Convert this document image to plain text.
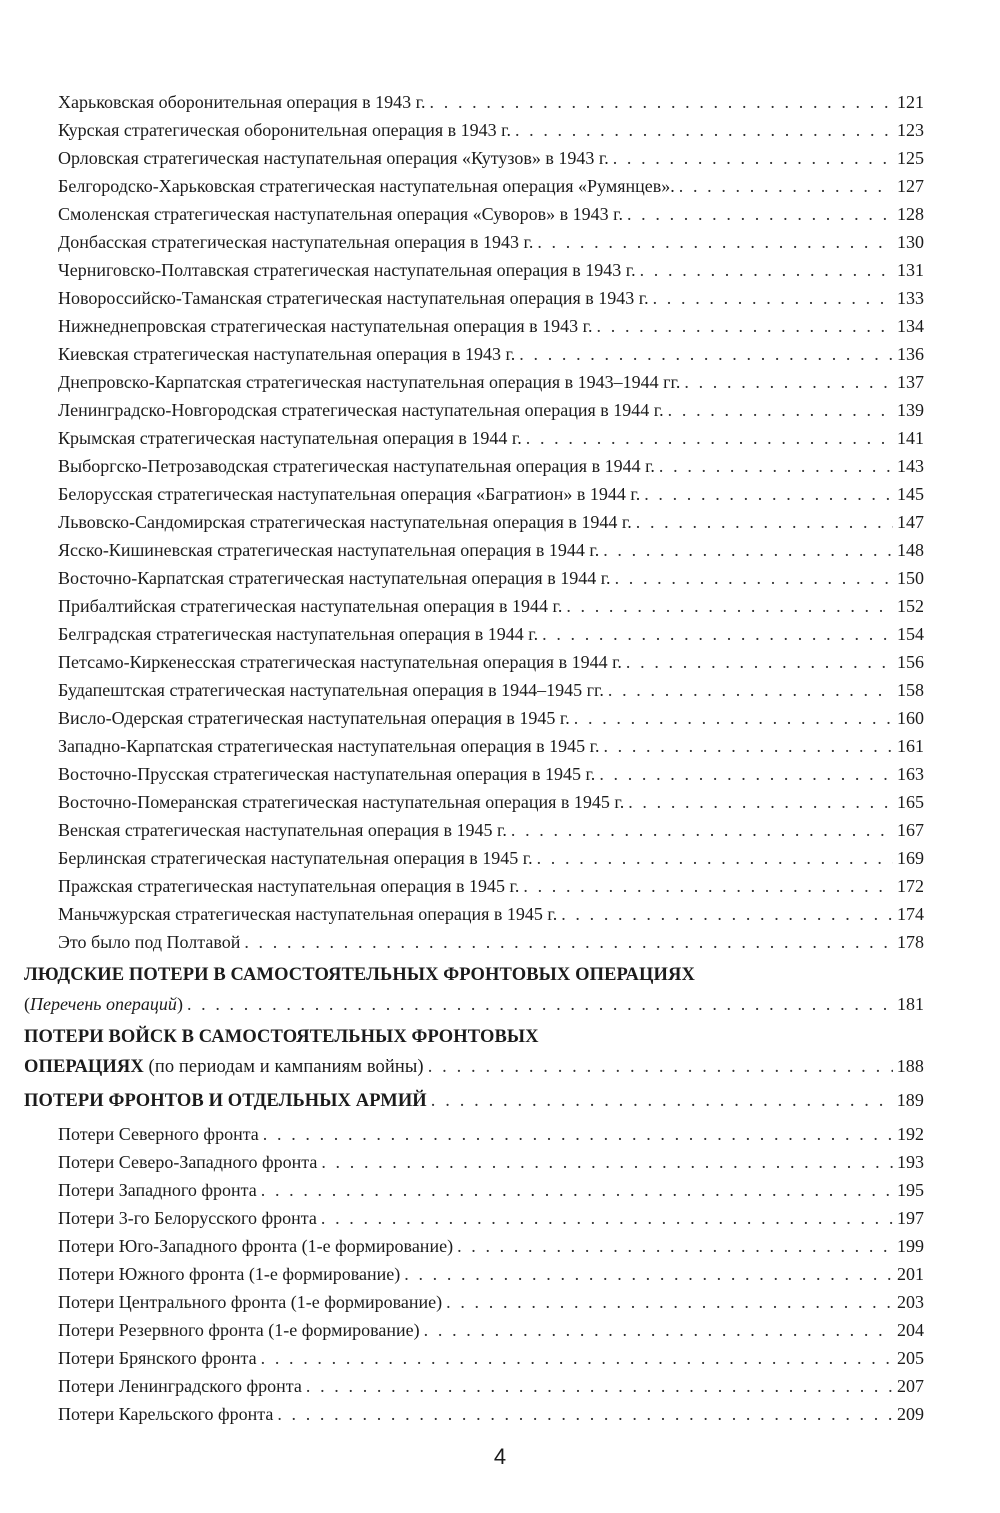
Харьковская оборонительная операция в 1943 г. . . .	121
Курская стратегическая оборонительная операция в 1943 г. . . .	123
Орловская стратегическая наступательная операция «Кутузов» в 1943 г. . . .	125
Белгородско-Харьковская стратегическая наступательная операция «Румянцев». . . .	127
Смоленская стратегическая наступательная операция «Суворов» в 1943 г. . . .	128
Донбасская стратегическая наступательная операция в 1943 г. . . .	130
Черниговско-Полтавская стратегическая наступательная операция в 1943 г. . . .	131
Новороссийско-Таманская стратегическая наступательная операция в 1943 г. . . .	133
Нижнеднепровская стратегическая наступательная операция в 1943 г. . . .	134
Киевская стратегическая наступательная операция в 1943 г. . . .	136
Днепровско-Карпатская стратегическая наступательная операция в 1943–1944 гг. . . .	137
Ленинградско-Новгородская стратегическая наступательная операция в 1944 г. . . .	139
Крымская стратегическая наступательная операция в 1944 г. . . .	141
Выборгско-Петрозаводская стратегическая наступательная операция в 1944 г. . . .	143
Белорусская стратегическая наступательная операция «Багратион» в 1944 г. . . .	145
Львовско-Сандомирская стратегическая наступательная операция в 1944 г. . . .	147
Ясско-Кишиневская стратегическая наступательная операция в 1944 г. . . .	148
Восточно-Карпатская стратегическая наступательная операция в 1944 г. . . .	150
Прибалтийская стратегическая наступательная операция в 1944 г. . . .	152
Белградская стратегическая наступательная операция в 1944 г. . . .	154
Петсамо-Киркенесская стратегическая наступательная операция в 1944 г. . . .	156
Будапештская стратегическая наступательная операция в 1944–1945 гг. . . .	158
Висло-Одерская стратегическая наступательная операция в 1945 г. . . .	160
Западно-Карпатская стратегическая наступательная операция в 1945 г. . . .	161
Восточно-Прусская стратегическая наступательная операция в 1945 г. . . .	163
Восточно-Померанская стратегическая наступательная операция в 1945 г. . . .	165
Венская стратегическая наступательная операция в 1945 г. . . .	167
Берлинская стратегическая наступательная операция в 1945 г. . . .	169
Пражская стратегическая наступательная операция в 1945 г. . . .	172
Маньчжурская стратегическая наступательная операция в 1945 г. . . .	174
Это было под Полтавой . . .	178
ЛЮДСКИЕ ПОТЕРИ В САМОСТОЯТЕЛЬНЫХ ФРОНТОВЫХ ОПЕРАЦИЯХ
(Перечень операций) . . .	181
ПОТЕРИ ВОЙСК В САМОСТОЯТЕЛЬНЫХ ФРОНТОВЫХ
ОПЕРАЦИЯХ (по периодам и кампаниям войны) . . .	188
ПОТЕРИ ФРОНТОВ И ОТДЕЛЬНЫХ АРМИЙ . . .	189
Потери Северного фронта . . .	192
Потери Северо-Западного фронта . . .	193
Потери Западного фронта . . .	195
Потери 3-го Белорусского фронта . . .	197
Потери Юго-Западного фронта (1-е формирование) . . .	199
Потери Южного фронта (1-е формирование) . . .	201
Потери Центрального фронта (1-е формирование) . . .	203
Потери Резервного фронта (1-е формирование) . . .	204
Потери Брянского фронта . . .	205
Потери Ленинградского фронта . . .	207
Потери Карельского фронта . . .	209
4
